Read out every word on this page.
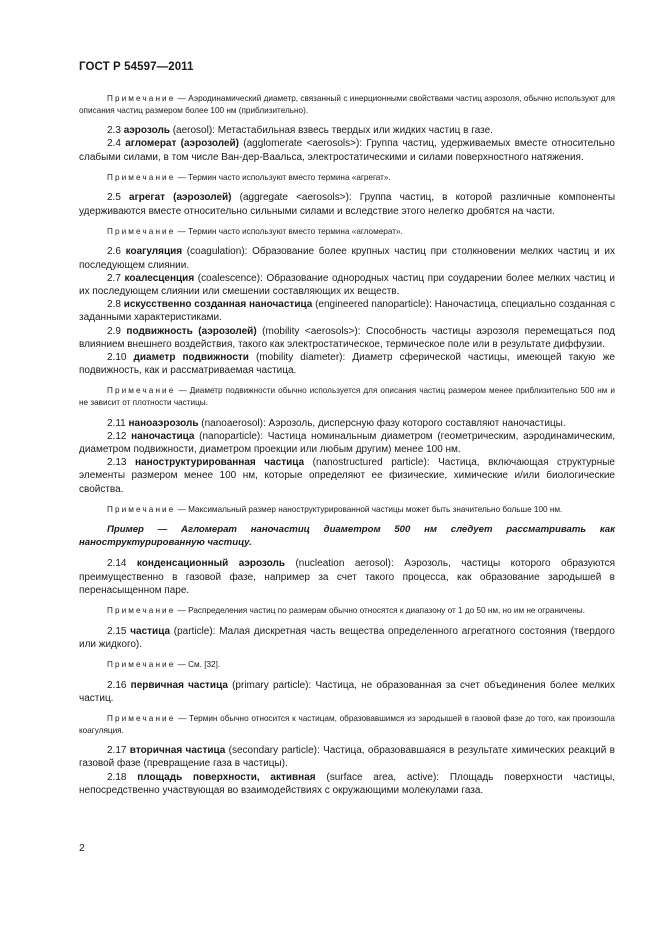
ГОСТ Р 54597—2011

Примечание — Аэродинамический диаметр, связанный с инерционными свойствами частиц аэрозоля, обычно используют для описания частиц размером более 100 нм (приблизительно).

2.3 аэрозоль (aerosol): Метастабильная взвесь твердых или жидких частиц в газе.

2.4 агломерат (аэрозолей) (agglomerate <aerosols>): Группа частиц, удерживаемых вместе относительно слабыми силами, в том числе Ван-дер-Ваальса, электростатическими и силами поверхностного натяжения.

Примечание — Термин часто используют вместо термина «агрегат».

2.5 агрегат (аэрозолей) (aggregate <aerosols>): Группа частиц, в которой различные компоненты удерживаются вместе относительно сильными силами и вследствие этого нелегко дробятся на части.

Примечание — Термин часто используют вместо термина «агломерат».

2.6 коагуляция (coagulation): Образование более крупных частиц при столкновении мелких частиц и их последующем слиянии.

2.7 коалесценция (coalescence): Образование однородных частиц при соударении более мелких частиц и их последующем слиянии или смешении составляющих их веществ.

2.8 искусственно созданная наночастица (engineered nanoparticle): Наночастица, специально созданная с заданными характеристиками.

2.9 подвижность (аэрозолей) (mobility <aerosols>): Способность частицы аэрозоля перемещаться под влиянием внешнего воздействия, такого как электростатическое, термическое поле или в результате диффузии.

2.10 диаметр подвижности (mobility diameter): Диаметр сферической частицы, имеющей такую же подвижность, как и рассматриваемая частица.

Примечание — Диаметр подвижности обычно используется для описания частиц размером менее приблизительно 500 нм и не зависит от плотности частицы.

2.11 наноаэрозоль (nanoaerosol): Аэрозоль, дисперсную фазу которого составляют наночастицы.

2.12 наночастица (nanoparticle): Частица номинальным диаметром (геометрическим, аэродинамическим, диаметром подвижности, диаметром проекции или любым другим) менее 100 нм.

2.13 наноструктурированная частица (nanostructured particle): Частица, включающая структурные элементы размером менее 100 нм, которые определяют ее физические, химические и/или биологические свойства.

Примечание — Максимальный размер наноструктурированной частицы может быть значительно больше 100 нм.

Пример — Агломерат наночастиц диаметром 500 нм следует рассматривать как наноструктурированную частицу.

2.14 конденсационный аэрозоль (nucleation aerosol): Аэрозоль, частицы которого образуются преимущественно в газовой фазе, например за счет такого процесса, как образование зародышей в перенасыщенном паре.

Примечание — Распределения частиц по размерам обычно относятся к диапазону от 1 до 50 нм, но им не ограничены.

2.15 частица (particle): Малая дискретная часть вещества определенного агрегатного состояния (твердого или жидкого).

Примечание — См. [32].

2.16 первичная частица (primary particle): Частица, не образованная за счет объединения более мелких частиц.

Примечание — Термин обычно относится к частицам, образовавшимся из зародышей в газовой фазе до того, как произошла коагуляция.

2.17 вторичная частица (secondary particle): Частица, образовавшаяся в результате химических реакций в газовой фазе (превращение газа в частицы).

2.18 площадь поверхности, активная (surface area, active): Площадь поверхности частицы, непосредственно участвующая во взаимодействиях с окружающими молекулами газа.

2
